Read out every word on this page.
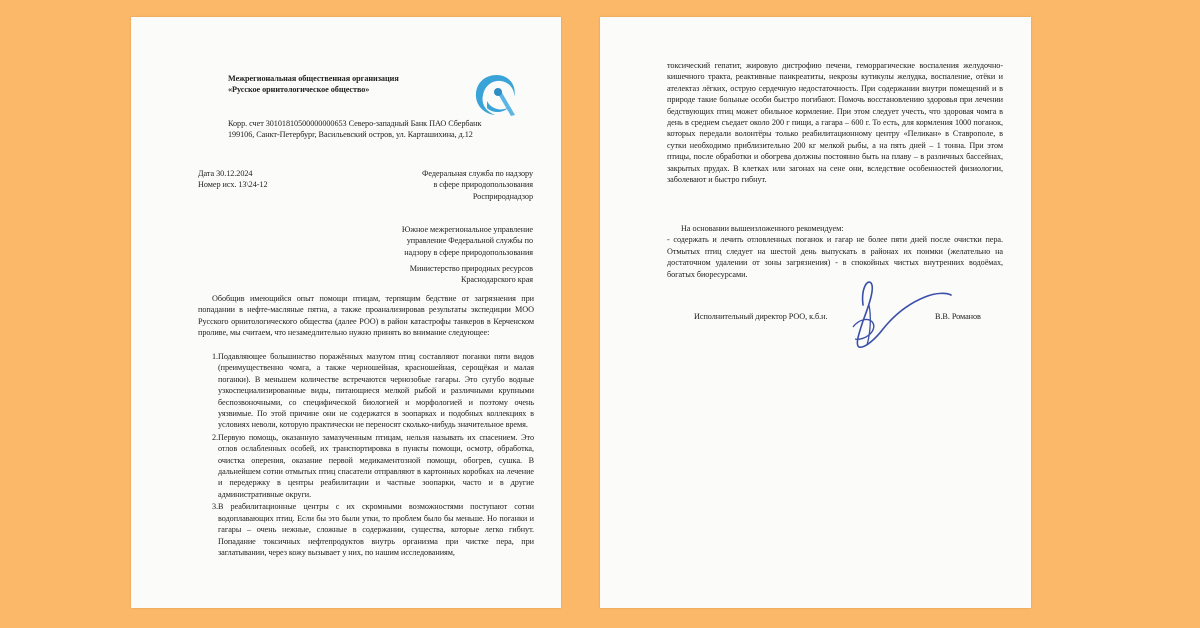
Межрегиональная общественная организация
«Русское орнитологическое общество»
Корр. счет 30101810500000000653 Северо-западный Банк ПАО Сбербанк
199106, Санкт-Петербург, Васильевский остров, ул. Карташихина, д.12
Дата 30.12.2024
Номер исх. 13\24-12
Федеральная служба по надзору
в сфере природопользования
Росприроднадзор
Южное межрегиональное управление
управление Федеральной службы по
надзору в сфере природопользования
Министерство природных ресурсов
Краснодарского края

Обобщив имеющийся опыт помощи птицам, терпящим бедствие от загрязнения при попадании в нефте-масляные пятна, а также проанализировав результаты экспедиции МОО Русского орнитологического общества (далее РОО) в район катастрофы танкеров в Керченском проливе, мы считаем, что незамедлительно нужно принять во внимание следующее:

1. Подавляющее большинство поражённых мазутом птиц составляют поганки пяти видов (преимущественно чомга, а также черношейная, красношейная, серощёкая и малая поганки). В меньшем количестве встречаются чернозобые гагары. Это сугубо водные узкоспециализированные виды, питающиеся мелкой рыбой и различными крупными беспозвоночными, со специфической биологией и морфологией и поэтому очень уязвимые. По этой причине они не содержатся в зоопарках и подобных коллекциях в условиях неволи, которую практически не переносят сколько-нибудь значительное время.
2. Первую помощь, оказанную замазученным птицам, нельзя называть их спасением. Это отлов ослабленных особей, их транспортировка в пункты помощи, осмотр, обработка, очистка оперения, оказание первой медикаментозной помощи, обогрев, сушка. В дальнейшем сотни отмытых птиц спасатели отправляют в картонных коробках на лечение и передержку в центры реабилитации и частные зоопарки, часто и в другие административные округи.
3. В реабилитационные центры с их скромными возможностями поступают сотни водоплавающих птиц. Если бы это были утки, то проблем было бы меньше. Но поганки и гагары – очень нежные, сложные в содержании, существа, которые легко гибнут. Попадание токсичных нефтепродуктов внутрь организма при чистке пера, при заглатывании, через кожу вызывает у них, по нашим исследованиям,

токсический гепатит, жировую дистрофию печени, геморрагические воспаления желудочно-кишечного тракта, реактивные панкреатиты, некрозы кутикулы желудка, воспаление, отёки и ателектаз лёгких, острую сердечную недостаточность. При содержании внутри помещений и в природе такие больные особи быстро погибают. Помочь восстановлению здоровья при лечении бедствующих птиц может обильное кормление. При этом следует учесть, что здоровая чомга в день в среднем съедает около 200 г пищи, а гагара – 600 г. То есть, для кормления 1000 поганок, которых передали волонтёры только реабилитационному центру «Пеликан» в Ставрополе, в сутки необходимо приблизительно 200 кг мелкой рыбы, а на пять дней – 1 тонна. При этом птицы, после обработки и обогрева должны постоянно быть на плаву – в различных бассейнах, закрытых прудах. В клетках или загонах на сене они, вследствие особенностей физиологии, заболевают и быстро гибнут.

На основании вышеизложенного рекомендуем:
- содержать и лечить отловленных поганок и гагар не более пяти дней после очистки пера. Отмытых птиц следует на шестой день выпускать в районах их поимки (желательно на достаточном удалении от зоны загрязнения) - в спокойных чистых внутренних водоёмах, богатых биоресурсами.
Исполнительный директор РОО, к.б.н.	В.В. Романов
